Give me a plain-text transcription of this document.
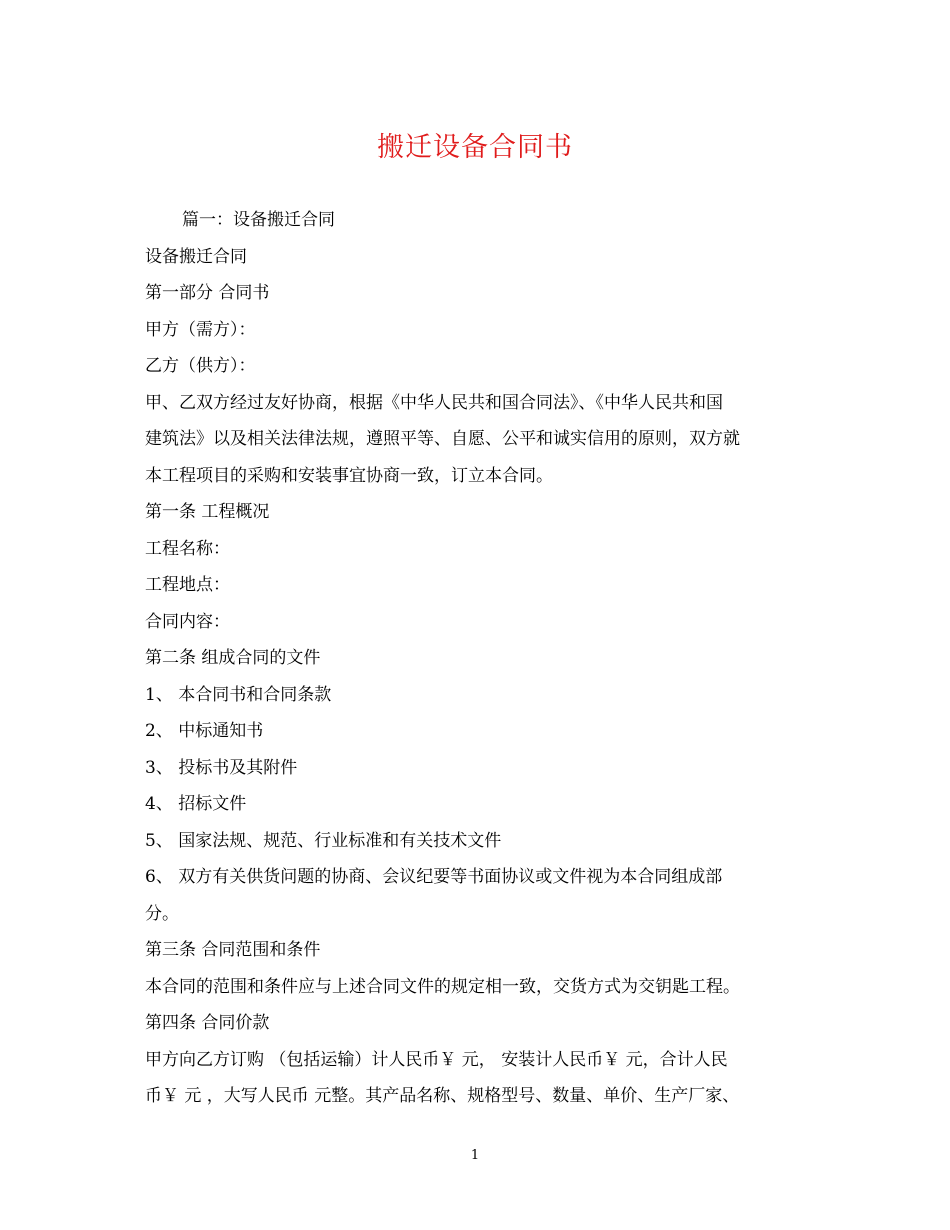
搬迁设备合同书

篇一：设备搬迁合同

设备搬迁合同

第一部分 合同书

甲方（需方）：

乙方（供方）：

甲、乙双方经过友好协商，根据《中华人民共和国合同法》、《中华人民共和国

建筑法》以及相关法律法规，遵照平等、自愿、公平和诚实信用的原则，双方就

本工程项目的采购和安装事宜协商一致，订立本合同。

第一条 工程概况

工程名称：

工程地点：

合同内容：

第二条 组成合同的文件

1、 本合同书和合同条款

2、 中标通知书

3、 投标书及其附件

4、 招标文件

5、 国家法规、规范、行业标准和有关技术文件

6、 双方有关供货问题的协商、会议纪要等书面协议或文件视为本合同组成部

分。

第三条 合同范围和条件

本合同的范围和条件应与上述合同文件的规定相一致，交货方式为交钥匙工程。

第四条 合同价款

甲方向乙方订购 （包括运输）计人民币￥ 元， 安装计人民币￥ 元，合计人民

币￥ 元 ，大写人民币 元整。其产品名称、规格型号、数量、单价、生产厂家、

1
